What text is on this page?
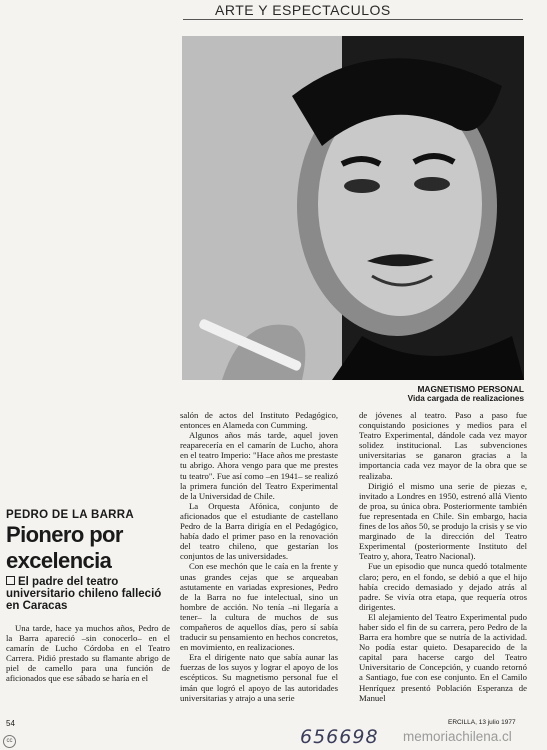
ARTE Y ESPECTACULOS
MAGNETISMO PERSONAL
Vida cargada de realizaciones
PEDRO DE LA BARRA
Pionero por excelencia
El padre del teatro universitario chileno falleció en Caracas

Una tarde, hace ya muchos años, Pedro de la Barra apareció –sin conocerlo– en el camarín de Lucho Córdoba en el Teatro Carrera. Pidió prestado su flamante abrigo de piel de camello para una función de aficionados que ese sábado se haría en el

salón de actos del Instituto Pedagógico, entonces en Alameda con Cumming.

Algunos años más tarde, aquel joven reaparecería en el camarín de Lucho, ahora en el teatro Imperio: "Hace años me prestaste tu abrigo. Ahora vengo para que me prestes tu teatro". Fue así como –en 1941– se realizó la primera función del Teatro Experimental de la Universidad de Chile.

La Orquesta Afónica, conjunto de aficionados que el estudiante de castellano Pedro de la Barra dirigía en el Pedagógico, había dado el primer paso en la renovación del teatro chileno, que gestarían los conjuntos de las universidades.

Con ese mechón que le caía en la frente y unas grandes cejas que se arqueaban astutamente en variadas expresiones, Pedro de la Barra no fue intelectual, sino un hombre de acción. No tenía –ni llegaría a tener– la cultura de muchos de sus compañeros de aquellos días, pero sí sabía traducir su pensamiento en hechos concretos, en movimiento, en realizaciones.

Era el dirigente nato que sabía aunar las fuerzas de los suyos y lograr el apoyo de los escépticos. Su magnetismo personal fue el imán que logró el apoyo de las autoridades universitarias y atrajo a una serie

de jóvenes al teatro. Paso a paso fue conquistando posiciones y medios para el Teatro Experimental, dándole cada vez mayor solidez institucional. Las subvenciones universitarias se ganaron gracias a la importancia cada vez mayor de la obra que se realizaba.

Dirigió el mismo una serie de piezas e, invitado a Londres en 1950, estrenó allá Viento de proa, su única obra. Posteriormente también fue representada en Chile. Sin embargo, hacia fines de los años 50, se produjo la crisis y se vio marginado de la dirección del Teatro Experimental (posteriormente Instituto del Teatro y, ahora, Teatro Nacional).

Fue un episodio que nunca quedó totalmente claro; pero, en el fondo, se debió a que el hijo había crecido demasiado y dejado atrás al padre. Se vivía otra etapa, que requería otros dirigentes.

El alejamiento del Teatro Experimental pudo haber sido el fin de su carrera, pero Pedro de la Barra era hombre que se nutría de la actividad. No podía estar quieto. Desaparecido de la capital para hacerse cargo del Teatro Universitario de Concepción, y cuando retornó a Santiago, fue con ese conjunto. En el Camilo Henríquez presentó Población Esperanza de Manuel

54	ERCILLA, 13 julio 1977
656698 memoriachilena.cl
cc
